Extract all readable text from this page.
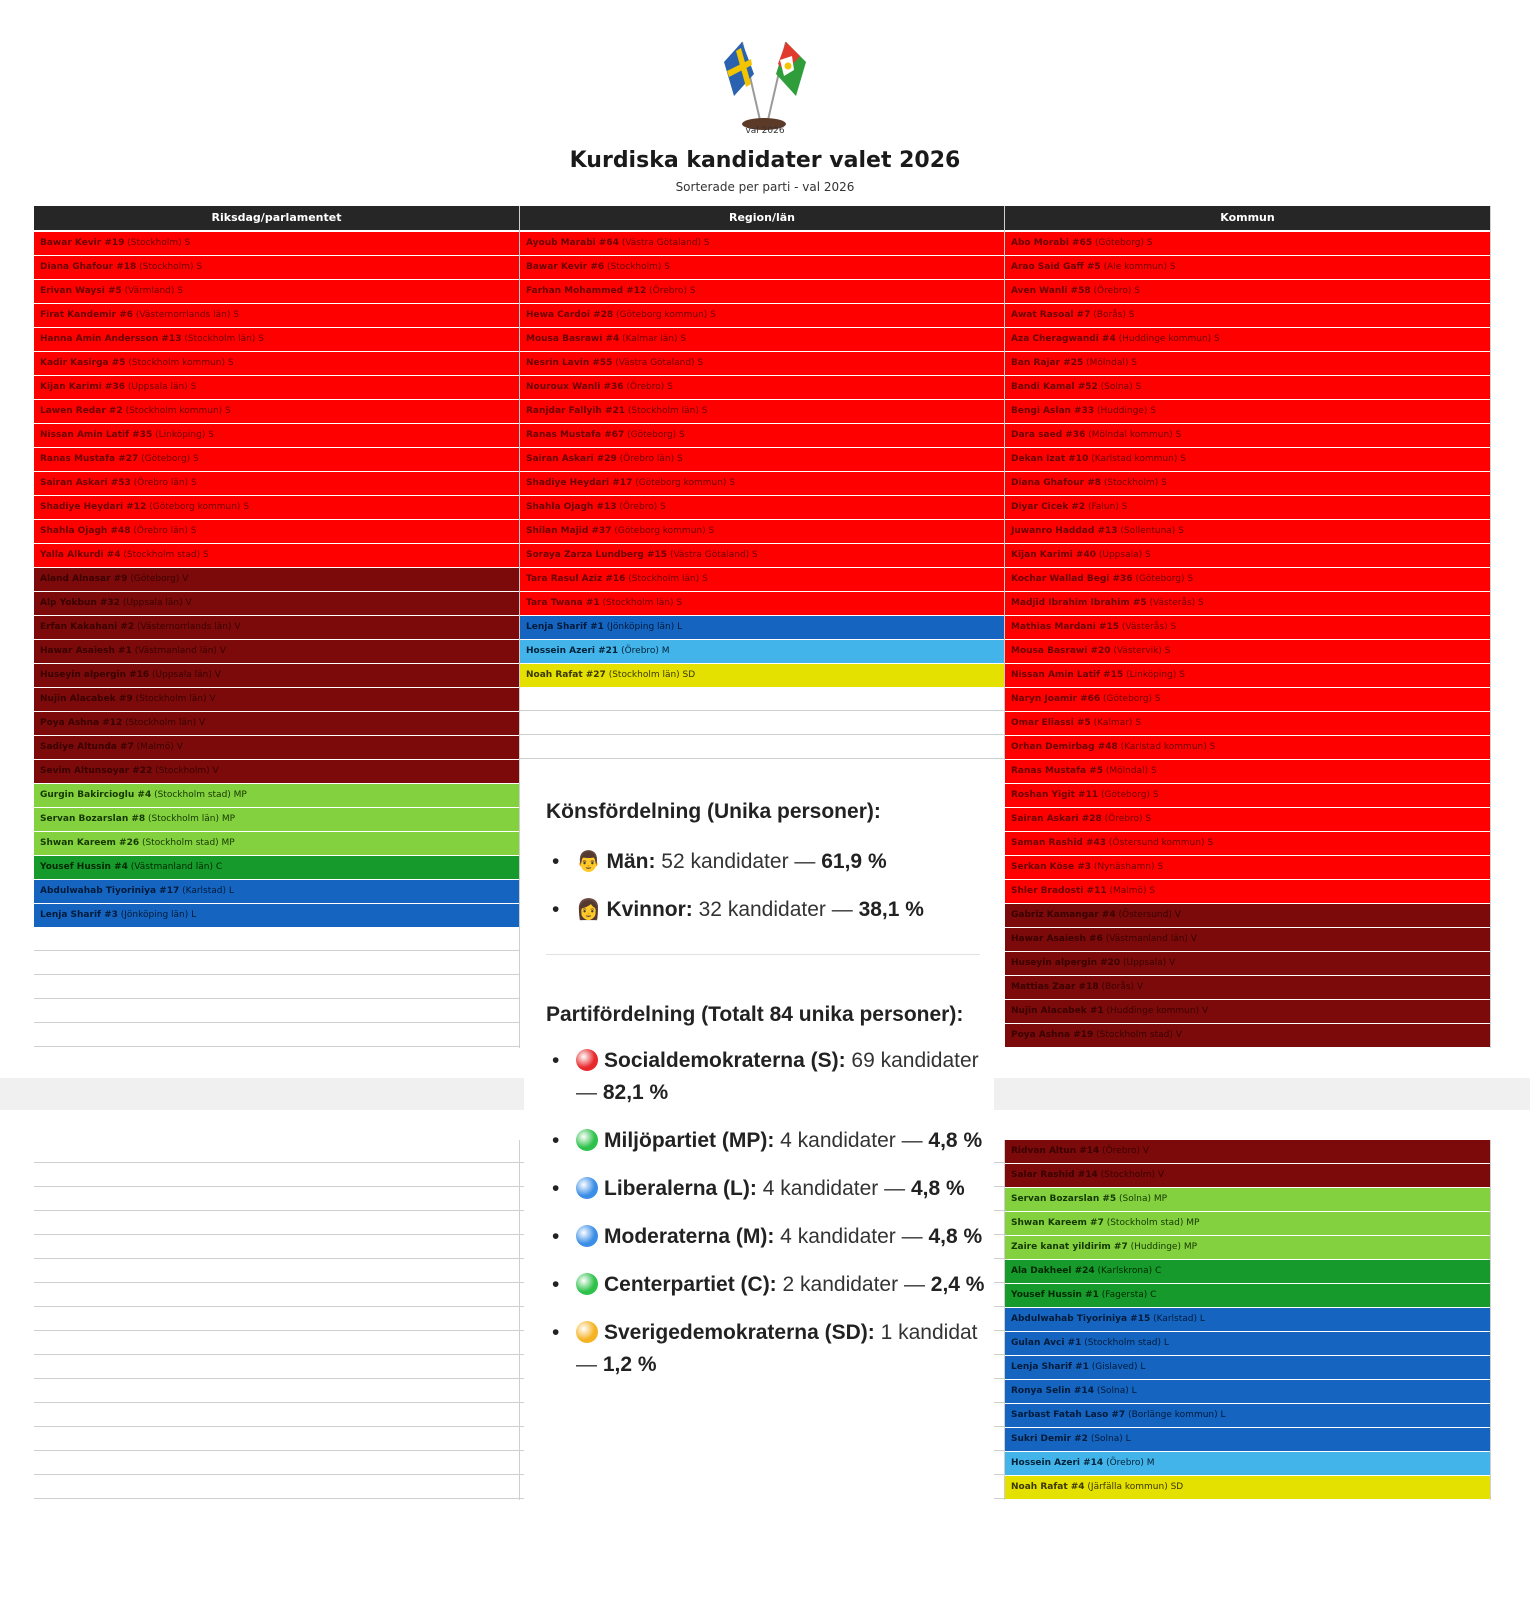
val 2026
Kurdiska kandidater valet 2026
Sorterade per parti - val 2026
Riksdag/parlamentet
Bawar Kevir #19 (Stockholm) S
Diana Ghafour #18 (Stockholm) S
Erivan Waysi #5 (Värmland) S
Firat Kandemir #6 (Västernorrlands län) S
Hanna Amin Andersson #13 (Stockholm län) S
Kadir Kasirga #5 (Stockholm kommun) S
Kijan Karimi #36 (Uppsala län) S
Lawen Redar #2 (Stockholm kommun) S
Nissan Amin Latif #35 (Linköping) S
Ranas Mustafa #27 (Göteborg) S
Sairan Askari #53 (Örebro län) S
Shadiye Heydari #12 (Göteborg kommun) S
Shahla Ojagh #48 (Örebro län) S
Yalla Alkurdi #4 (Stockholm stad) S
Aland Alnasar #9 (Göteborg) V
Alp Yokbun #32 (Uppsala län) V
Erfan Kakahani #2 (Västernorrlands län) V
Hawar Asaiesh #1 (Västmanland län) V
Huseyin alpergin #16 (Uppsala län) V
Nujin Alacabek #9 (Stockholm län) V
Poya Ashna #12 (Stockholm län) V
Sadiye Altunda #7 (Malmö) V
Sevim Altunsoyar #22 (Stockholm) V
Gurgin Bakircioglu #4 (Stockholm stad) MP
Servan Bozarslan #8 (Stockholm län) MP
Shwan Kareem #26 (Stockholm stad) MP
Yousef Hussin #4 (Västmanland län) C
Abdulwahab Tiyoriniya #17 (Karlstad) L
Lenja Sharif #3 (Jönköping län) L
Region/län
Ayoub Marabi #64 (Västra Götaland) S
Bawar Kevir #6 (Stockholm) S
Farhan Mohammed #12 (Örebro) S
Hewa Cardoi #28 (Göteborg kommun) S
Mousa Basrawi #4 (Kalmar län) S
Nesrin Lavin #55 (Västra Götaland) S
Nouroux Wanli #36 (Örebro) S
Ranjdar Fallyih #21 (Stockholm län) S
Ranas Mustafa #67 (Göteborg) S
Sairan Askari #29 (Örebro län) S
Shadiye Heydari #17 (Göteborg kommun) S
Shahla Ojagh #13 (Örebro) S
Shilan Majid #37 (Göteborg kommun) S
Soraya Zarza Lundberg #15 (Västra Götaland) S
Tara Rasul Aziz #16 (Stockholm län) S
Tara Twana #1 (Stockholm län) S
Lenja Sharif #1 (Jönköping län) L
Hossein Azeri #21 (Örebro) M
Noah Rafat #27 (Stockholm län) SD
Kommun
Abo Morabi #65 (Göteborg) S
Arao Said Gaff #5 (Ale kommun) S
Aven Wanli #58 (Örebro) S
Awat Rasoal #7 (Borås) S
Aza Cheragwandi #4 (Huddinge kommun) S
Ban Rajar #25 (Mölndal) S
Bandi Kamal #52 (Solna) S
Bengi Aslan #33 (Huddinge) S
Dara saed #36 (Mölndal kommun) S
Dekan Izat #10 (Karlstad kommun) S
Diana Ghafour #8 (Stockholm) S
Diyar Cicek #2 (Falun) S
Juwanro Haddad #13 (Sollentuna) S
Kijan Karimi #40 (Uppsala) S
Kochar Wallad Begi #36 (Göteborg) S
Madjid Ibrahim Ibrahim #5 (Västerås) S
Mathias Mardani #15 (Västerås) S
Mousa Basrawi #20 (Västervik) S
Nissan Amin Latif #15 (Linköping) S
Naryn Joamir #66 (Göteborg) S
Omar Eliassi #5 (Kalmar) S
Orhan Demirbag #48 (Karlstad kommun) S
Ranas Mustafa #5 (Mölndal) S
Roshan Yigit #11 (Göteborg) S
Sairan Askari #28 (Örebro) S
Saman Rashid #43 (Östersund kommun) S
Serkan Köse #3 (Nynäshamn) S
Shler Bradosti #11 (Malmö) S
Gabriz Kamangar #4 (Östersund) V
Hawar Asaiesh #6 (Västmanland län) V
Huseyin alpergin #20 (Uppsala) V
Mattias Zaar #18 (Borås) V
Nujin Alacabek #1 (Huddinge kommun) V
Poya Ashna #19 (Stockholm stad) V
Ridvan Altun #14 (Örebro) V
Salar Rashid #14 (Stockholm) V
Servan Bozarslan #5 (Solna) MP
Shwan Kareem #7 (Stockholm stad) MP
Zaire kanat yildirim #7 (Huddinge) MP
Ala Dakheel #24 (Karlskrona) C
Yousef Hussin #1 (Fagersta) C
Abdulwahab Tiyoriniya #15 (Karlstad) L
Gulan Avci #1 (Stockholm stad) L
Lenja Sharif #1 (Gislaved) L
Ronya Selin #14 (Solna) L
Sarbast Fatah Laso #7 (Borlänge kommun) L
Sukri Demir #2 (Solna) L
Hossein Azeri #14 (Örebro) M
Noah Rafat #4 (Järfälla kommun) SD
Könsfördelning (Unika personer):
• 👨 Män: 52 kandidater — 61,9 %
• 👩 Kvinnor: 32 kandidater — 38,1 %
Partifördelning (Totalt 84 unika personer):
• Socialdemokraterna (S): 69 kandidater — 82,1 %
• Miljöpartiet (MP): 4 kandidater — 4,8 %
• Liberalerna (L): 4 kandidater — 4,8 %
• Moderaterna (M): 4 kandidater — 4,8 %
• Centerpartiet (C): 2 kandidater — 2,4 %
• Sverigedemokraterna (SD): 1 kandidat — 1,2 %
